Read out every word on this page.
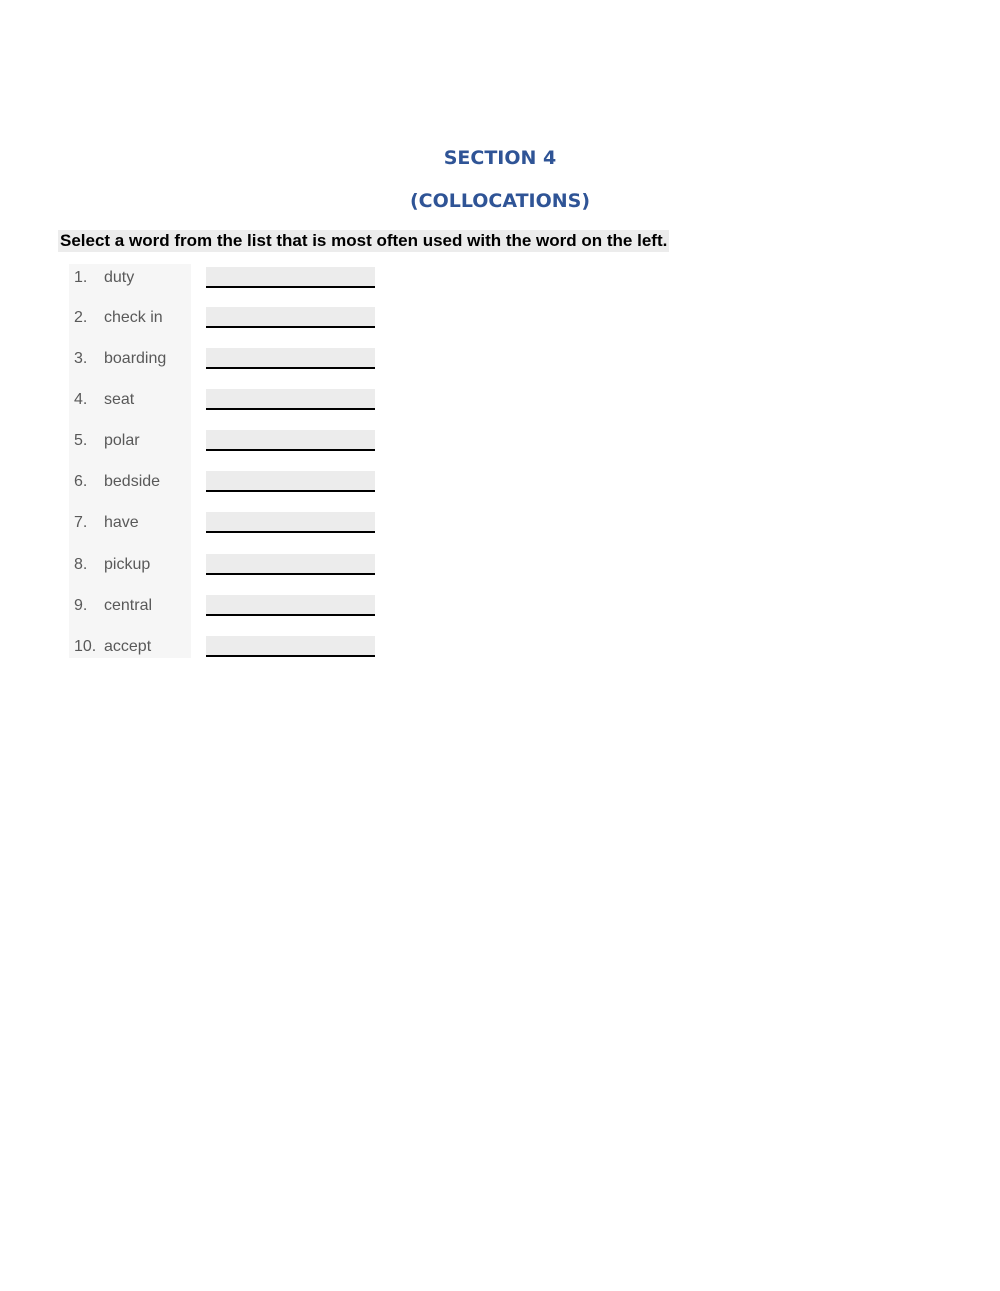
SECTION 4
(COLLOCATIONS)

Select a word from the list that is most often used with the word on the left.

1. duty
2. check in
3. boarding
4. seat
5. polar
6. bedside
7. have
8. pickup
9. central
10. accept
